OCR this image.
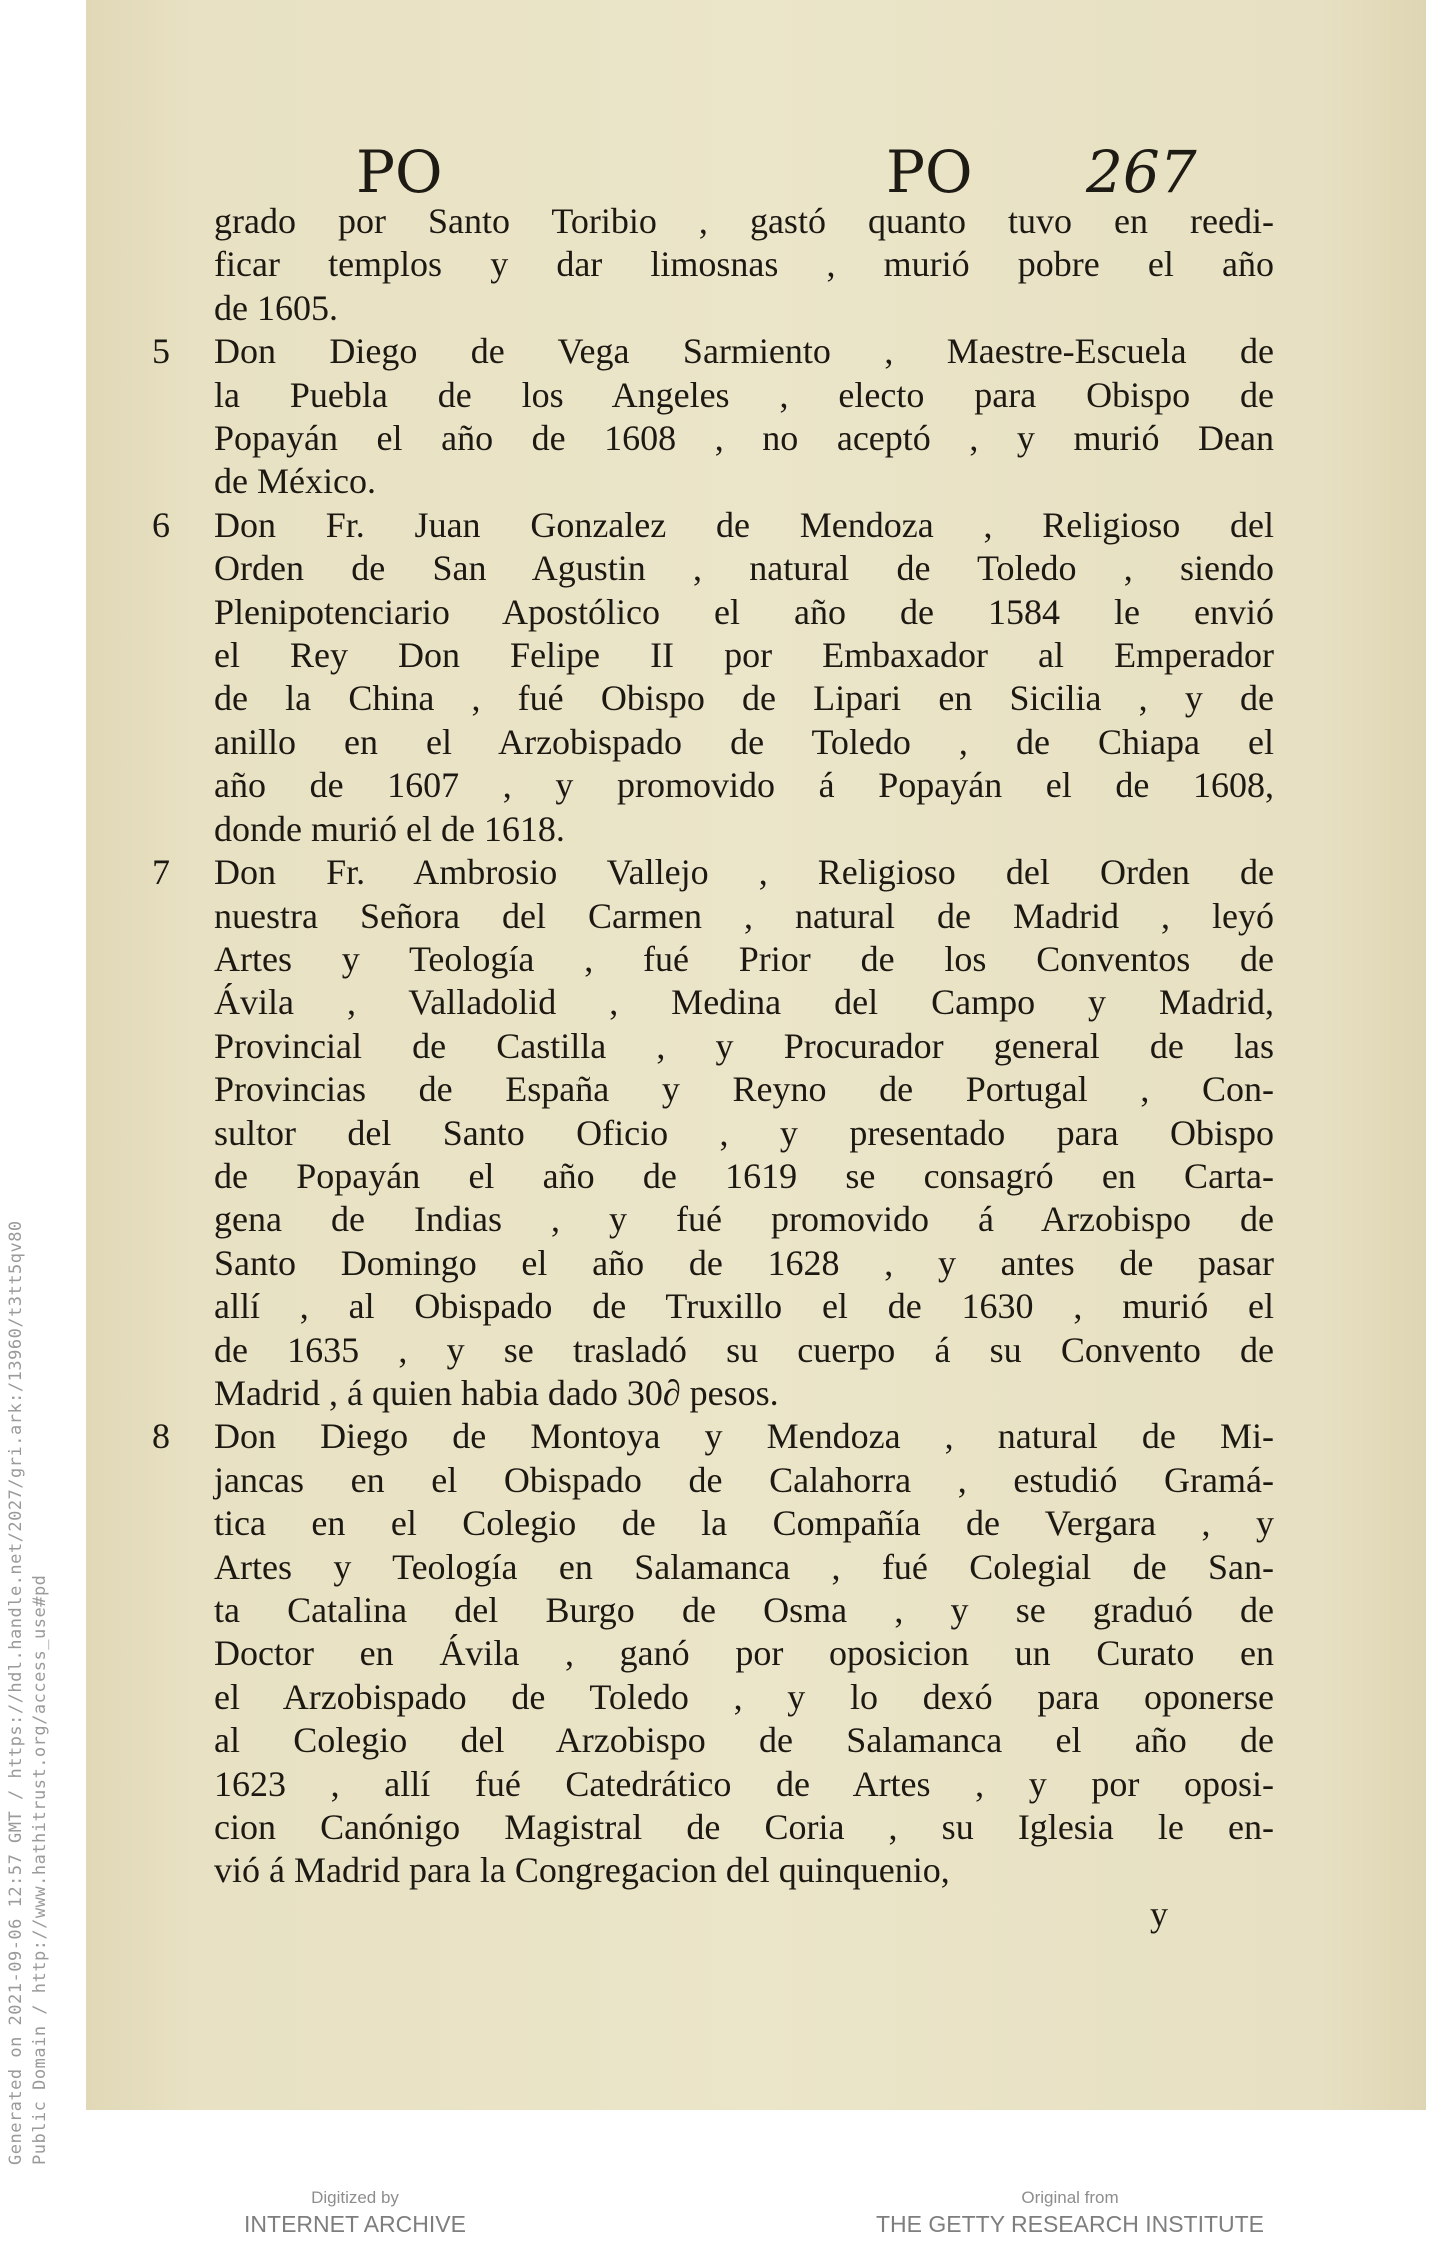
Generated on 2021-09-06 12:57 GMT / https://hdl.handle.net/2027/gri.ark:/13960/t3tt5qv80 Public Domain / http://www.hathitrust.org/access_use#pd
PO	PO 267
grado por Santo Toribio , gastó quanto tuvo en reedi-
ficar templos y dar limosnas , murió pobre el año
de 1605.
5	Don Diego de Vega Sarmiento , Maestre-Escuela de
la Puebla de los Angeles , electo para Obispo de
Popayán el año de 1608 , no aceptó , y murió Dean
de México.
6	Don Fr. Juan Gonzalez de Mendoza , Religioso del
Orden de San Agustin , natural de Toledo , siendo
Plenipotenciario Apostólico el año de 1584 le envió
el Rey Don Felipe II por Embaxador al Emperador
de la China , fué Obispo de Lipari en Sicilia , y de
anillo en el Arzobispado de Toledo , de Chiapa el
año de 1607 , y promovido á Popayán el de 1608,
donde murió el de 1618.
7	Don Fr. Ambrosio Vallejo , Religioso del Orden de
nuestra Señora del Carmen , natural de Madrid , leyó
Artes y Teología , fué Prior de los Conventos de
Ávila , Valladolid , Medina del Campo y Madrid,
Provincial de Castilla , y Procurador general de las
Provincias de España y Reyno de Portugal , Con-
sultor del Santo Oficio , y presentado para Obispo
de Popayán el año de 1619 se consagró en Carta-
gena de Indias , y fué promovido á Arzobispo de
Santo Domingo el año de 1628 , y antes de pasar
allí , al Obispado de Truxillo el de 1630 , murió el
de 1635 , y se trasladó su cuerpo á su Convento de
Madrid , á quien habia dado 30∂ pesos.
8	Don Diego de Montoya y Mendoza , natural de Mi-
jancas en el Obispado de Calahorra , estudió Gramá-
tica en el Colegio de la Compañía de Vergara , y
Artes y Teología en Salamanca , fué Colegial de San-
ta Catalina del Burgo de Osma , y se graduó de
Doctor en Ávila , ganó por oposicion un Curato en
el Arzobispado de Toledo , y lo dexó para oponerse
al Colegio del Arzobispo de Salamanca el año de
1623 , allí fué Catedrático de Artes , y por oposi-
cion Canónigo Magistral de Coria , su Iglesia le en-
vió á Madrid para la Congregacion del quinquenio,
y
Digitized by
INTERNET ARCHIVE
Original from
THE GETTY RESEARCH INSTITUTE
